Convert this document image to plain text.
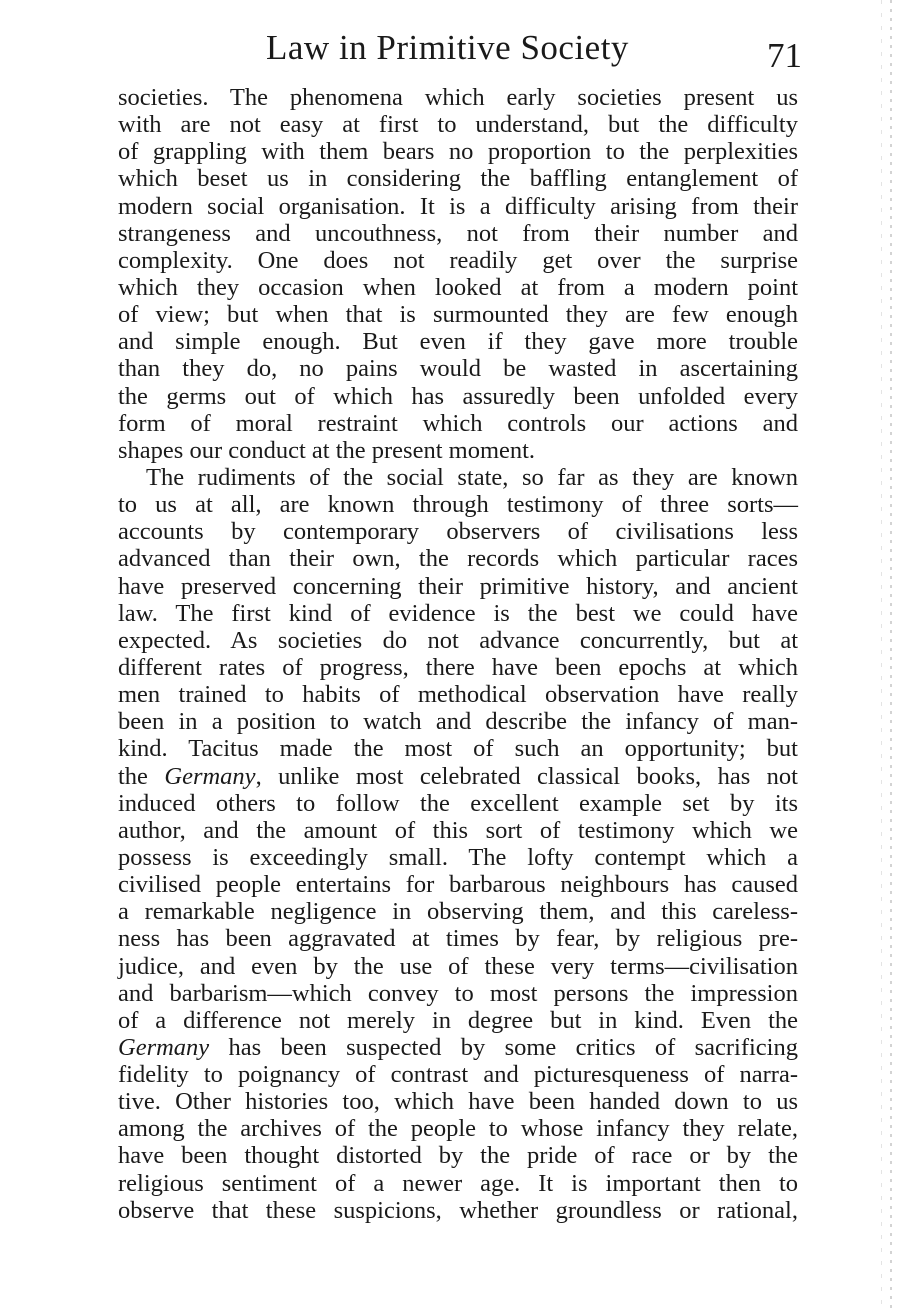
Law in Primitive Society	71
societies. The phenomena which early societies present us
with are not easy at first to understand, but the difficulty
of grappling with them bears no proportion to the perplexities
which beset us in considering the baffling entanglement of
modern social organisation. It is a difficulty arising from their
strangeness and uncouthness, not from their number and
complexity. One does not readily get over the surprise
which they occasion when looked at from a modern point
of view; but when that is surmounted they are few enough
and simple enough. But even if they gave more trouble
than they do, no pains would be wasted in ascertaining
the germs out of which has assuredly been unfolded every
form of moral restraint which controls our actions and
shapes our conduct at the present moment.
The rudiments of the social state, so far as they are known
to us at all, are known through testimony of three sorts—
accounts by contemporary observers of civilisations less
advanced than their own, the records which particular races
have preserved concerning their primitive history, and ancient
law. The first kind of evidence is the best we could have
expected. As societies do not advance concurrently, but at
different rates of progress, there have been epochs at which
men trained to habits of methodical observation have really
been in a position to watch and describe the infancy of man-
kind. Tacitus made the most of such an opportunity; but
the Germany, unlike most celebrated classical books, has not
induced others to follow the excellent example set by its
author, and the amount of this sort of testimony which we
possess is exceedingly small. The lofty contempt which a
civilised people entertains for barbarous neighbours has caused
a remarkable negligence in observing them, and this careless-
ness has been aggravated at times by fear, by religious pre-
judice, and even by the use of these very terms—civilisation
and barbarism—which convey to most persons the impression
of a difference not merely in degree but in kind. Even the
Germany has been suspected by some critics of sacrificing
fidelity to poignancy of contrast and picturesqueness of narra-
tive. Other histories too, which have been handed down to us
among the archives of the people to whose infancy they relate,
have been thought distorted by the pride of race or by the
religious sentiment of a newer age. It is important then to
observe that these suspicions, whether groundless or rational,
